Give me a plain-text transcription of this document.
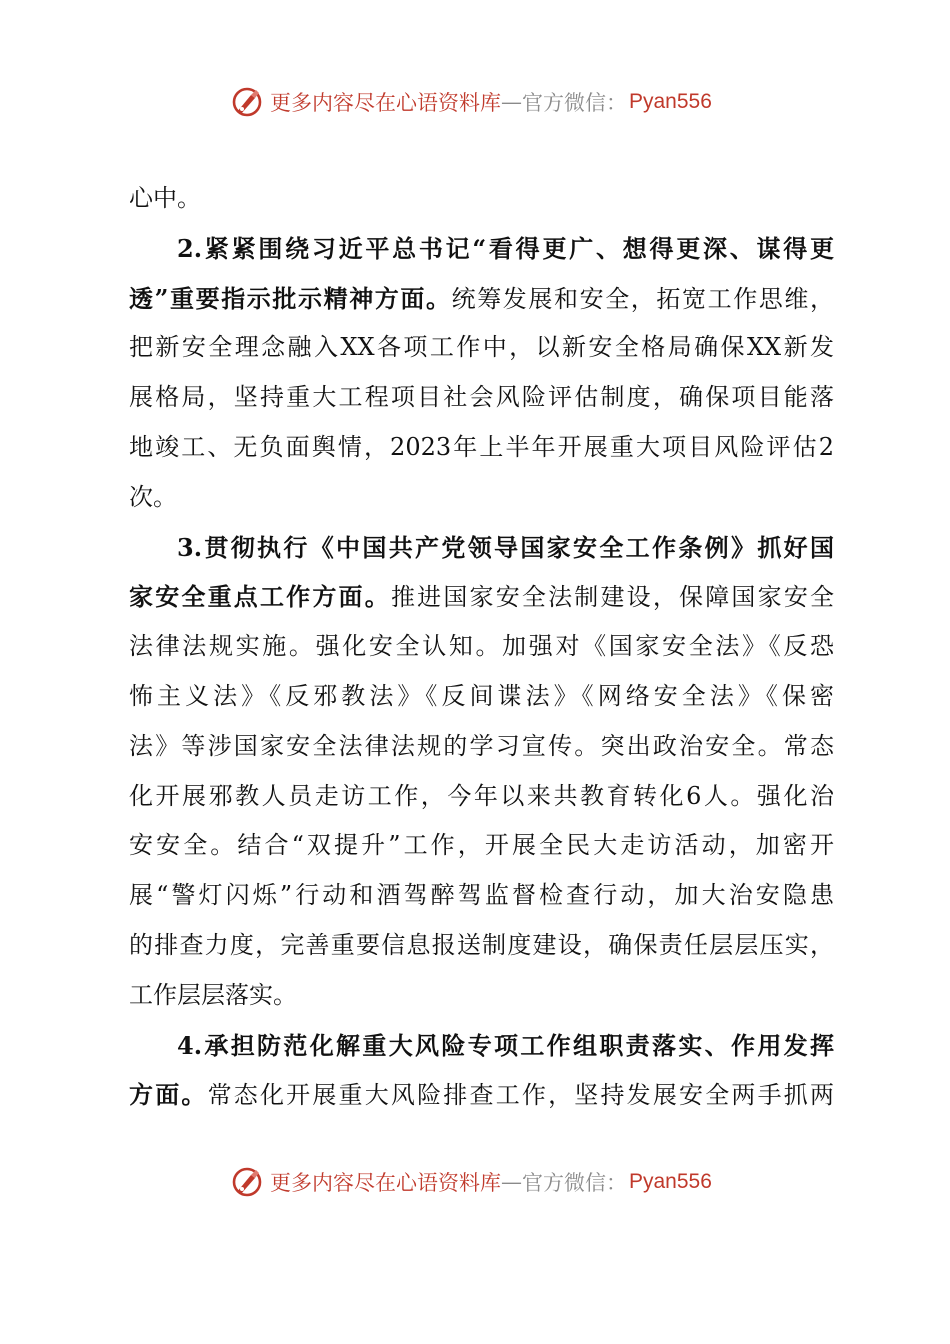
更多内容尽在心语资料库 — 官方微信： Pyan556
心中。
2.紧紧围绕习近平总书记“看得更广、想得更深、谋得更
透”重要指示批示精神方面。统筹发展和安全，拓宽工作思维，
把新安全理念融入XX各项工作中，以新安全格局确保XX新发
展格局，坚持重大工程项目社会风险评估制度，确保项目能落
地竣工、无负面舆情，2023年上半年开展重大项目风险评估2
次。
3.贯彻执行《中国共产党领导国家安全工作条例》抓好国
家安全重点工作方面。推进国家安全法制建设，保障国家安全
法律法规实施。强化安全认知。加强对《国家安全法》《反恐
怖主义法》《反邪教法》《反间谍法》《网络安全法》《保密
法》等涉国家安全法律法规的学习宣传。突出政治安全。常态
化开展邪教人员走访工作，今年以来共教育转化6人。强化治
安安全。结合“双提升”工作，开展全民大走访活动，加密开
展“警灯闪烁”行动和酒驾醉驾监督检查行动，加大治安隐患
的排查力度，完善重要信息报送制度建设，确保责任层层压实，
工作层层落实。
4.承担防范化解重大风险专项工作组职责落实、作用发挥
方面。常态化开展重大风险排查工作，坚持发展安全两手抓两
更多内容尽在心语资料库 — 官方微信： Pyan556
